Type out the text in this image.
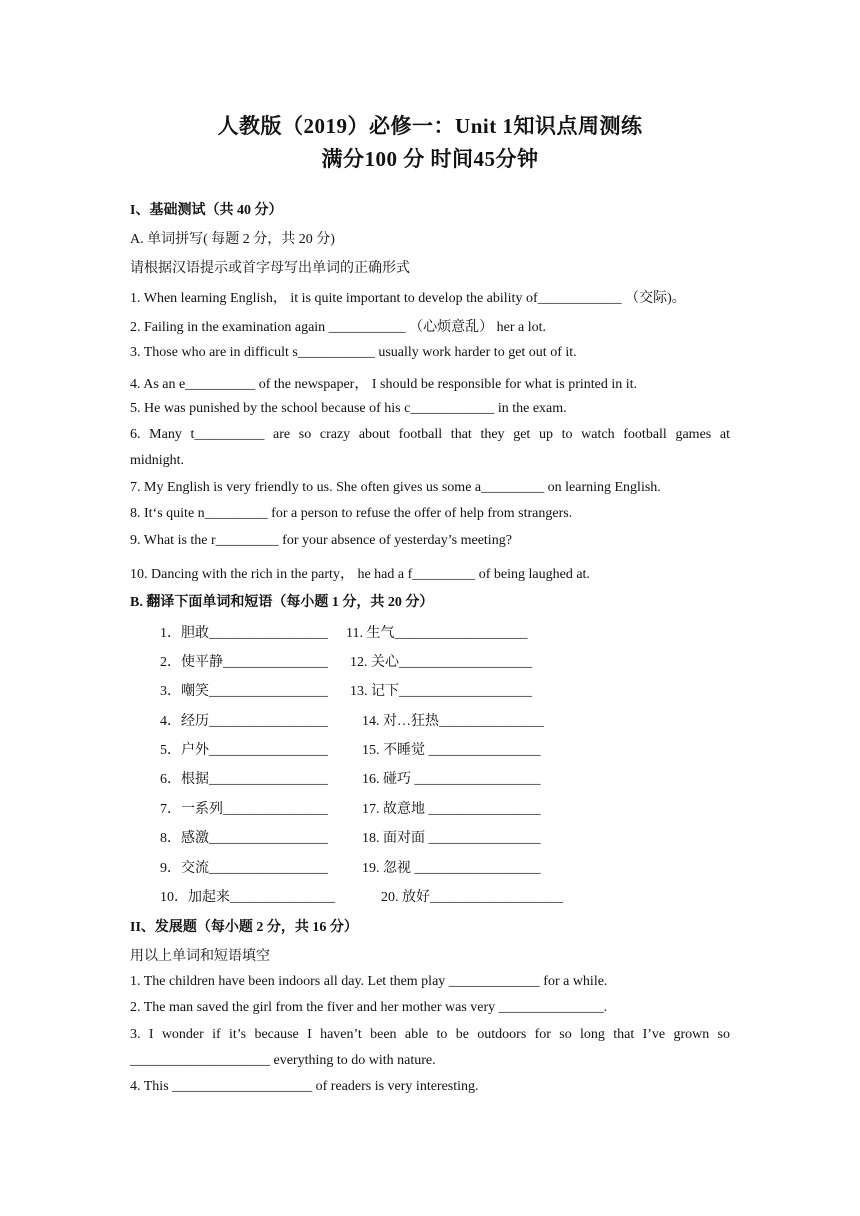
人教版（2019）必修一：Unit 1知识点周测练
满分100 分 时间45分钟
I、基础测试（共 40 分）
A. 单词拼写( 每题 2 分，共 20 分)
请根据汉语提示或首字母写出单词的正确形式
1. When learning English， it is quite important to develop the ability of____________ （交际)。
2. Failing in the examination again ___________ （心烦意乱） her a lot.
3. Those who are in difficult s___________ usually work harder to get out of it.
4. As an e__________ of the newspaper， I should be responsible for what is printed in it.
5. He was punished by the school because of his c____________ in the exam.
6. Many t__________ are so crazy about football that they get up to watch football games at
midnight.
7. My English is very friendly to us. She often gives us some a_________ on learning English.
8. It‘s quite n_________ for a person to refuse the offer of help from strangers.
9. What is the r_________ for your absence of yesterday’s meeting?
10. Dancing with the rich in the party， he had a f_________ of being laughed at.
B. 翻译下面单词和短语（每小题 1 分，共 20 分）
1．胆敢_________________ 11. 生气___________________
2．使平静_______________ 12. 关心___________________
3．嘲笑_________________ 13. 记下___________________
4．经历_________________ 14. 对…狂热_______________
5．户外_________________ 15. 不睡觉 ________________
6．根据_________________ 16. 碰巧 __________________
7．一系列_______________ 17. 故意地 ________________
8．感激_________________ 18. 面对面 ________________
9．交流_________________ 19. 忽视 __________________
10．加起来_______________	20. 放好___________________
II、发展题（每小题 2 分，共 16 分）
用以上单词和短语填空
1. The children have been indoors all day. Let them play _____________ for a while.
2. The man saved the girl from the fiver and her mother was very _______________.
3. I wonder if it’s because I haven’t been able to be outdoors for so long that I’ve grown so
____________________ everything to do with nature.
4. This ____________________ of readers is very interesting.
